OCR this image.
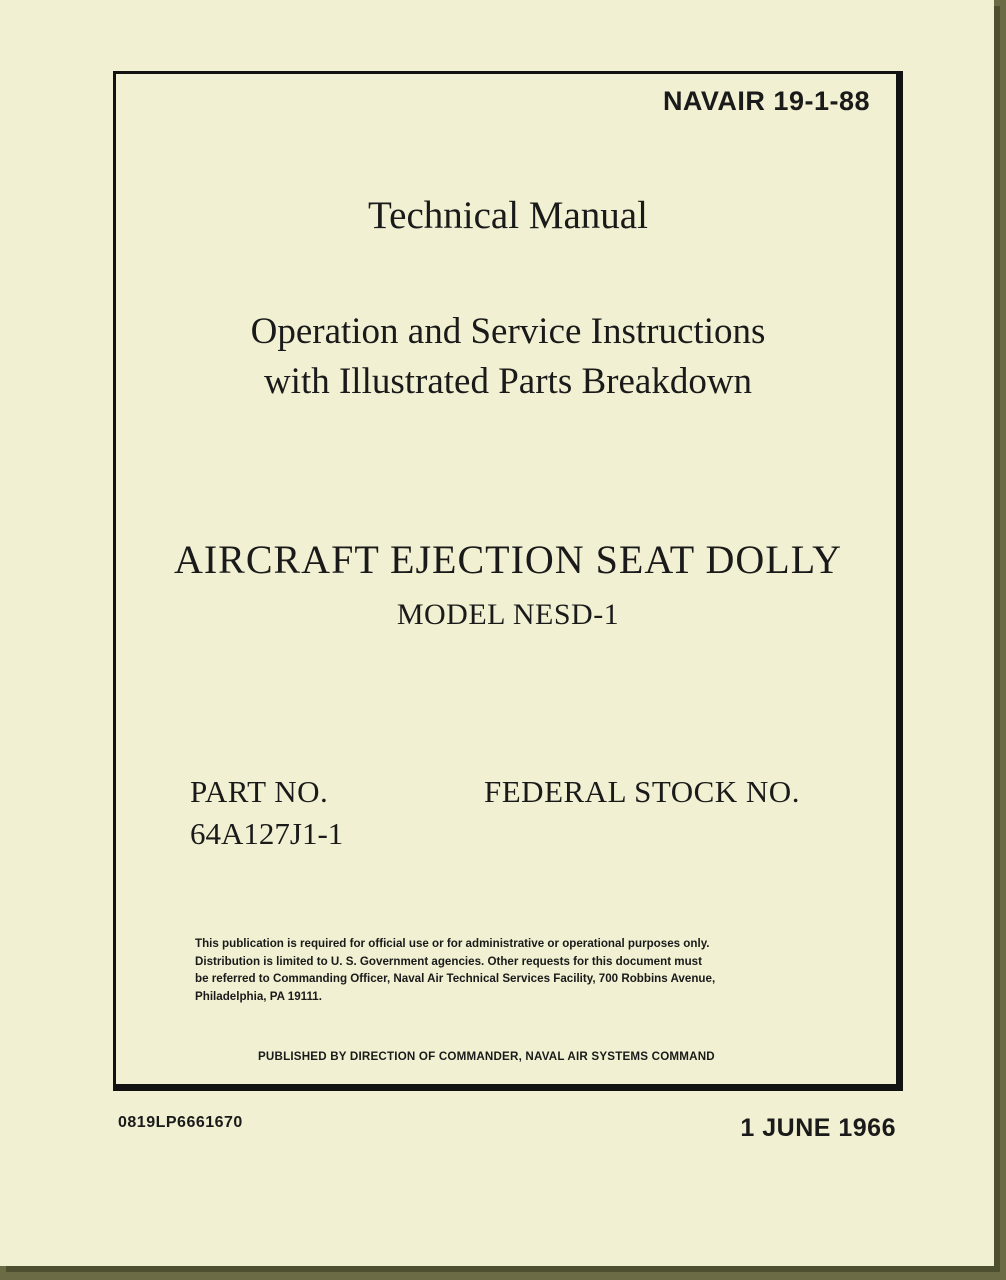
NAVAIR 19-1-88
Technical Manual
Operation and Service Instructions
with Illustrated Parts Breakdown
AIRCRAFT EJECTION SEAT DOLLY
MODEL NESD-1
PART NO.
64A127J1-1
FEDERAL STOCK NO.
This publication is required for official use or for administrative or operational purposes only.
Distribution is limited to U. S. Government agencies. Other requests for this document must
be referred to Commanding Officer, Naval Air Technical Services Facility, 700 Robbins Avenue,
Philadelphia, PA 19111.
PUBLISHED BY DIRECTION OF COMMANDER, NAVAL AIR SYSTEMS COMMAND
0819LP6661670	1 JUNE 1966
